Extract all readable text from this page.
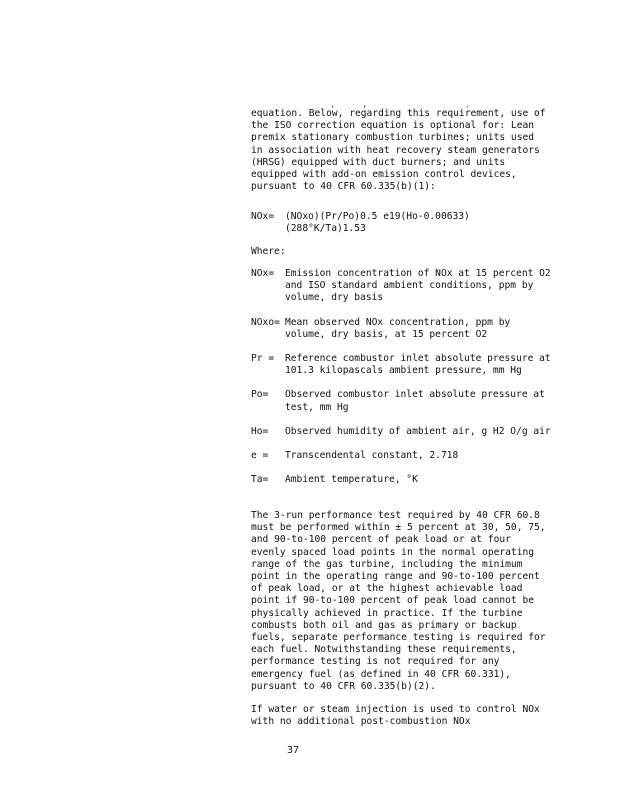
,	,	.

equation. Below, regarding this requirement, use of the ISO correction equation is optional for: Lean premix stationary combustion turbines; units used in association with heat recovery steam generators (HRSG) equipped with duct burners; and units equipped with add-on emission control devices, pursuant to 40 CFR 60.335(b)(1):

NOx=	(NOxo)(Pr/Po)0.5 e19(Ho-0.00633)
(288°K/Ta)1.53
Where:
NOx=	Emission concentration of NOx at 15 percent O2 and ISO standard ambient conditions, ppm by volume, dry basis
NOxo= Mean observed NOx concentration, ppm by volume, dry basis, at 15 percent O2
Pr =	Reference combustor inlet absolute pressure at 101.3 kilopascals ambient pressure, mm Hg
Po=	Observed combustor inlet absolute pressure at test, mm Hg
Ho=	Observed humidity of ambient air, g H2 O/g air
e =	Transcendental constant, 2.718
Ta=	Ambient temperature, °K

The 3-run performance test required by 40 CFR 60.8 must be performed within ± 5 percent at 30, 50, 75, and 90-to-100 percent of peak load or at four evenly spaced load points in the normal operating range of the gas turbine, including the minimum point in the operating range and 90-to-100 percent of peak load, or at the highest achievable load point if 90-to-100 percent of peak load cannot be physically achieved in practice. If the turbine combusts both oil and gas as primary or backup fuels, separate performance testing is required for each fuel. Notwithstanding these requirements, performance testing is not required for any emergency fuel (as defined in 40 CFR 60.331), pursuant to 40 CFR 60.335(b)(2).

If water or steam injection is used to control NOx with no additional post-combustion NOx

37
